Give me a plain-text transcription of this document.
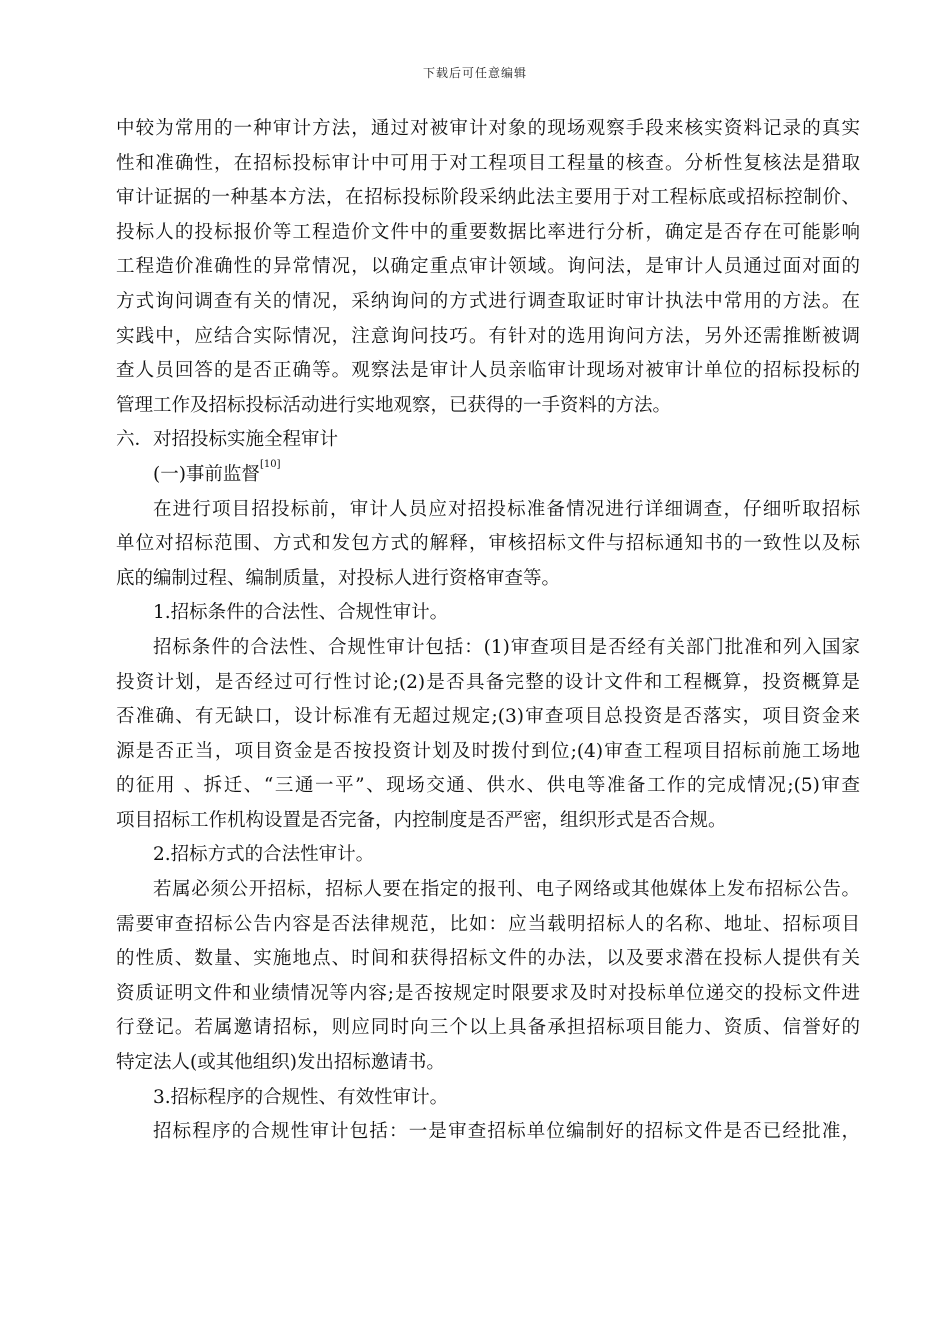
下载后可任意编辑
中较为常用的一种审计方法，通过对被审计对象的现场观察手段来核实资料记录的真实
性和准确性，在招标投标审计中可用于对工程项目工程量的核查。分析性复核法是猎取
审计证据的一种基本方法，在招标投标阶段采纳此法主要用于对工程标底或招标控制价、
投标人的投标报价等工程造价文件中的重要数据比率进行分析，确定是否存在可能影响
工程造价准确性的异常情况，以确定重点审计领域。询问法，是审计人员通过面对面的
方式询问调查有关的情况，采纳询问的方式进行调查取证时审计执法中常用的方法。在
实践中，应结合实际情况，注意询问技巧。有针对的选用询问方法，另外还需推断被调
查人员回答的是否正确等。观察法是审计人员亲临审计现场对被审计单位的招标投标的
管理工作及招标投标活动进行实地观察，已获得的一手资料的方法。
六．对招投标实施全程审计
(一)事前监督[10]
在进行项目招投标前，审计人员应对招投标准备情况进行详细调查，仔细听取招标
单位对招标范围、方式和发包方式的解释，审核招标文件与招标通知书的一致性以及标
底的编制过程、编制质量，对投标人进行资格审查等。
1.招标条件的合法性、合规性审计。
招标条件的合法性、合规性审计包括：(1)审查项目是否经有关部门批准和列入国家
投资计划，是否经过可行性讨论;(2)是否具备完整的设计文件和工程概算，投资概算是
否准确、有无缺口，设计标准有无超过规定;(3)审查项目总投资是否落实，项目资金来
源是否正当，项目资金是否按投资计划及时拨付到位;(4)审查工程项目招标前施工场地
的征用 、拆迁、“三通一平”、现场交通、供水、供电等准备工作的完成情况;(5)审查
项目招标工作机构设置是否完备，内控制度是否严密，组织形式是否合规。
2.招标方式的合法性审计。
若属必须公开招标，招标人要在指定的报刊、电子网络或其他媒体上发布招标公告。
需要审查招标公告内容是否法律规范，比如：应当载明招标人的名称、地址、招标项目
的性质、数量、实施地点、时间和获得招标文件的办法，以及要求潜在投标人提供有关
资质证明文件和业绩情况等内容;是否按规定时限要求及时对投标单位递交的投标文件进
行登记。若属邀请招标，则应同时向三个以上具备承担招标项目能力、资质、信誉好的
特定法人(或其他组织)发出招标邀请书。
3.招标程序的合规性、有效性审计。
招标程序的合规性审计包括：一是审查招标单位编制好的招标文件是否已经批准，
